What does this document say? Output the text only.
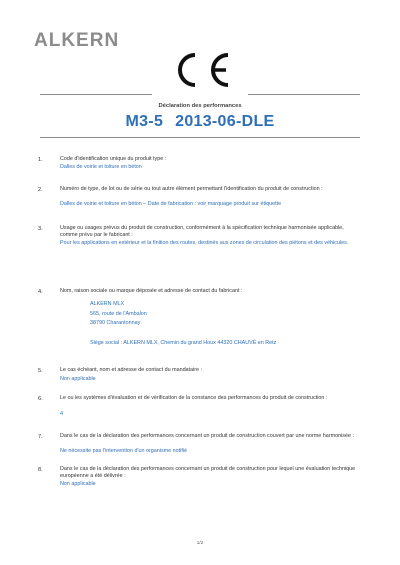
ALKERN
Déclaration des performances
M3-5 2013-06-DLE
1.	Code d'identification unique du produit type :
Dalles de voirie et toiture en béton
2.	Numéro de type, de lot ou de série ou tout autre élément permettant l'identification du produit de construction :
Dalles de voirie et toiture en béton – Date de fabrication : voir marquage produit sur étiquette
3.	Usage ou usages prévus du produit de construction, conformément à la spécification technique harmonisée applicable, comme prévu par le fabricant :
Pour les applications en extérieur et la finition des routes, destinés aux zones de circulation des piétons et des véhicules.
4.	Nom, raison sociale ou marque déposée et adresse de contact du fabricant :
ALKERN MLX
565, route de l'Ambalon
38790 Charantonnay
Siège social : ALKERN MLX, Chemin du grand Houx 44320 CHAUVÉ en Retz
5.	Le cas échéant, nom et adresse de contact du mandataire :
Non applicable
6.	Le ou les systèmes d'évaluation et de vérification de la constance des performances du produit de construction :
4
7.	Dans le cas de la déclaration des performances concernant un produit de construction couvert par une norme harmonisée :
Ne nécessite pas l'intervention d'un organisme notifié
8.	Dans le cas de la déclaration des performances concernant un produit de construction pour lequel une évaluation technique européenne a été délivrée :
Non applicable
1/2
